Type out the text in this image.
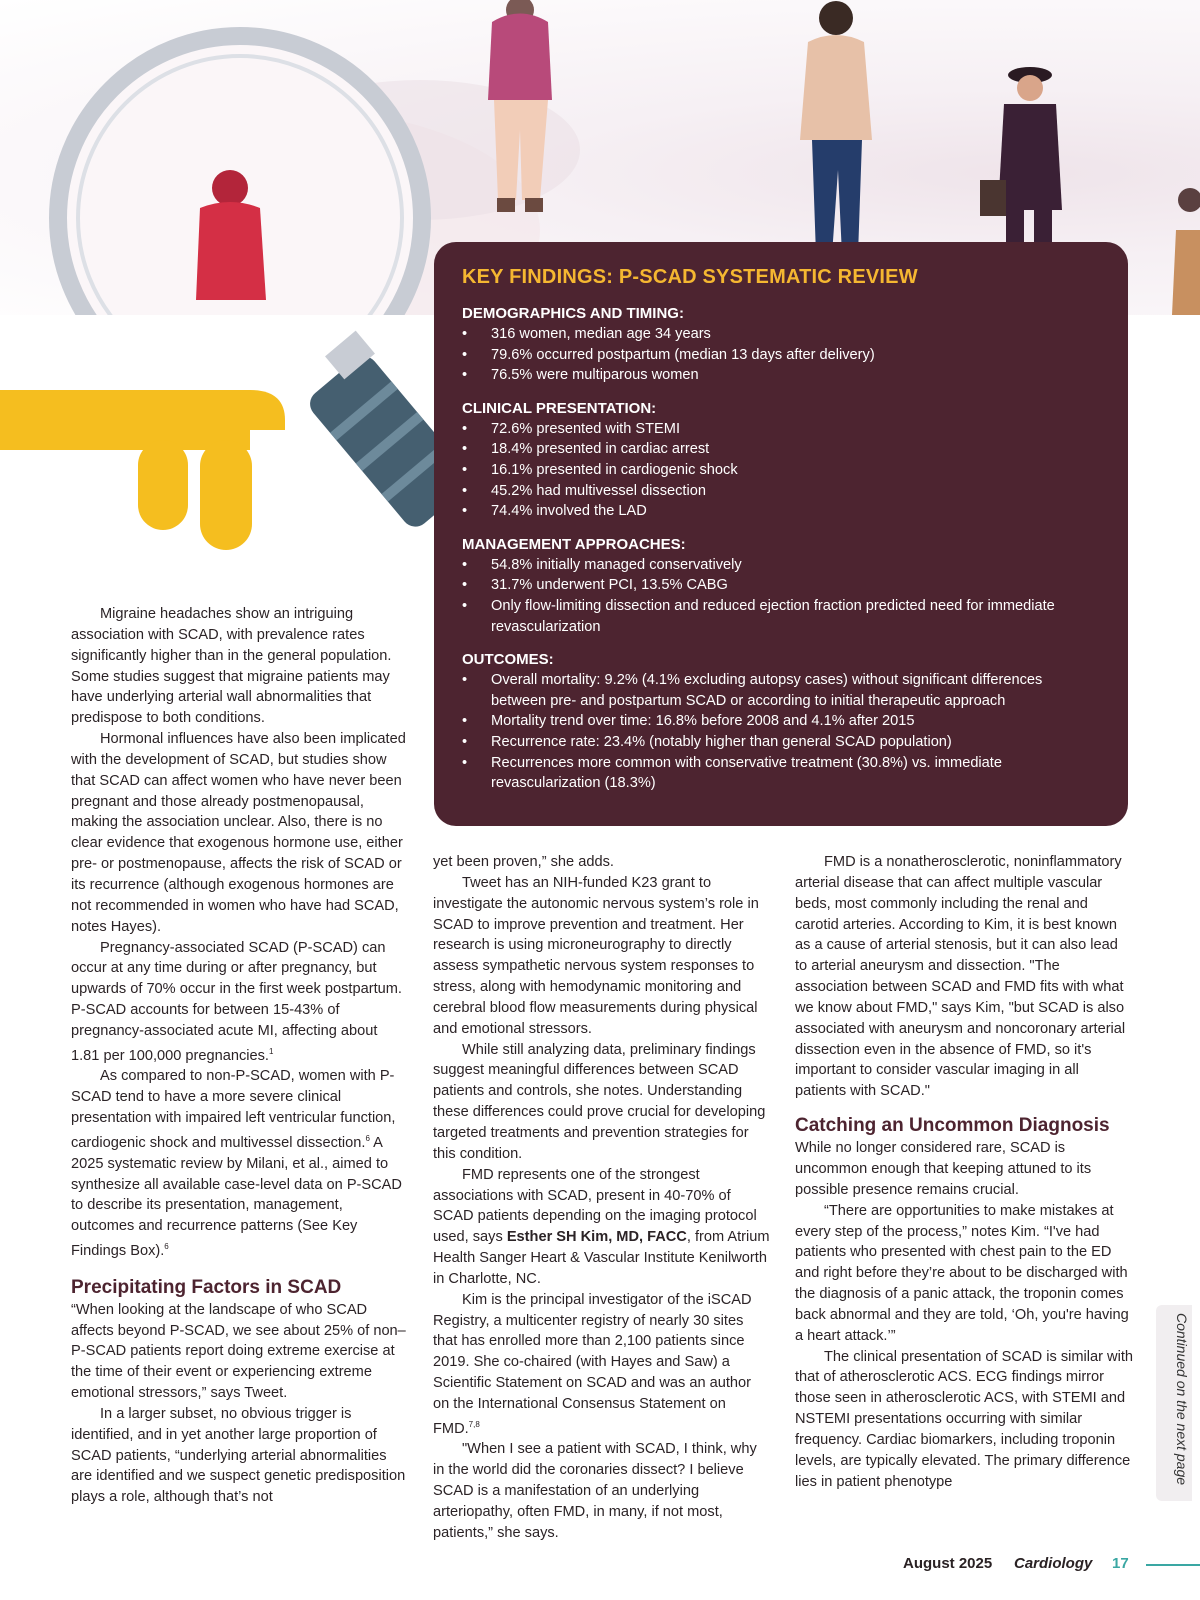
KEY FINDINGS: P-SCAD SYSTEMATIC REVIEW
DEMOGRAPHICS AND TIMING:
• 316 women, median age 34 years
• 79.6% occurred postpartum (median 13 days after delivery)
• 76.5% were multiparous women
CLINICAL PRESENTATION:
• 72.6% presented with STEMI
• 18.4% presented in cardiac arrest
• 16.1% presented in cardiogenic shock
• 45.2% had multivessel dissection
• 74.4% involved the LAD
MANAGEMENT APPROACHES:
• 54.8% initially managed conservatively
• 31.7% underwent PCI, 13.5% CABG
• Only flow-limiting dissection and reduced ejection fraction predicted need for immediate revascularization
OUTCOMES:
• Overall mortality: 9.2% (4.1% excluding autopsy cases) without significant differences between pre- and postpartum SCAD or according to initial therapeutic approach
• Mortality trend over time: 16.8% before 2008 and 4.1% after 2015
• Recurrence rate: 23.4% (notably higher than general SCAD population)
• Recurrences more common with conservative treatment (30.8%) vs. immediate revascularization (18.3%)

Migraine headaches show an intriguing association with SCAD, with prevalence rates significantly higher than in the general population. Some studies suggest that migraine patients may have underlying arterial wall abnormalities that predispose to both conditions.

Hormonal influences have also been implicated with the development of SCAD, but studies show that SCAD can affect women who have never been pregnant and those already postmenopausal, making the association unclear. Also, there is no clear evidence that exogenous hormone use, either pre- or postmenopause, affects the risk of SCAD or its recurrence (although exogenous hormones are not recommended in women who have had SCAD, notes Hayes).

Pregnancy-associated SCAD (P-SCAD) can occur at any time during or after pregnancy, but upwards of 70% occur in the first week postpartum. P-SCAD accounts for between 15-43% of pregnancy-associated acute MI, affecting about 1.81 per 100,000 pregnancies.$^1$

As compared to non-P-SCAD, women with P-SCAD tend to have a more severe clinical presentation with impaired left ventricular function, cardiogenic shock and multivessel dissection.$^6$ A 2025 systematic review by Milani, et al., aimed to synthesize all available case-level data on P-SCAD to describe its presentation, management, outcomes and recurrence patterns (See Key Findings Box).$^6$

Precipitating Factors in SCAD

“When looking at the landscape of who SCAD affects beyond P-SCAD, we see about 25% of non–P-SCAD patients report doing extreme exercise at the time of their event or experiencing extreme emotional stressors,” says Tweet.

In a larger subset, no obvious trigger is identified, and in yet another large proportion of SCAD patients, “underlying arterial abnormalities are identified and we suspect genetic predisposition plays a role, although that’s not

yet been proven,” she adds.

Tweet has an NIH-funded K23 grant to investigate the autonomic nervous system’s role in SCAD to improve prevention and treatment. Her research is using microneurography to directly assess sympathetic nervous system responses to stress, along with hemodynamic monitoring and cerebral blood flow measurements during physical and emotional stressors.

While still analyzing data, preliminary findings suggest meaningful differences between SCAD patients and controls, she notes. Understanding these differences could prove crucial for developing targeted treatments and prevention strategies for this condition.

FMD represents one of the strongest associations with SCAD, present in 40-70% of SCAD patients depending on the imaging protocol used, says Esther SH Kim, MD, FACC, from Atrium Health Sanger Heart & Vascular Institute Kenilworth in Charlotte, NC.

Kim is the principal investigator of the iSCAD Registry, a multicenter registry of nearly 30 sites that has enrolled more than 2,100 patients since 2019. She co-chaired (with Hayes and Saw) a Scientific Statement on SCAD and was an author on the International Consensus Statement on FMD.$^{7,8}$

"When I see a patient with SCAD, I think, why in the world did the coronaries dissect? I believe SCAD is a manifestation of an underlying arteriopathy, often FMD, in many, if not most, patients,” she says.

FMD is a nonatherosclerotic, noninflammatory arterial disease that can affect multiple vascular beds, most commonly including the renal and carotid arteries. According to Kim, it is best known as a cause of arterial stenosis, but it can also lead to arterial aneurysm and dissection. "The association between SCAD and FMD fits with what we know about FMD," says Kim, "but SCAD is also associated with aneurysm and noncoronary arterial dissection even in the absence of FMD, so it's important to consider vascular imaging in all patients with SCAD."

Catching an Uncommon Diagnosis

While no longer considered rare, SCAD is uncommon enough that keeping attuned to its possible presence remains crucial.

“There are opportunities to make mistakes at every step of the process,” notes Kim. “I've had patients who presented with chest pain to the ED and right before they’re about to be discharged with the diagnosis of a panic attack, the troponin comes back abnormal and they are told, ‘Oh, you're having a heart attack.’”

The clinical presentation of SCAD is similar with that of atherosclerotic ACS. ECG findings mirror those seen in atherosclerotic ACS, with STEMI and NSTEMI presentations occurring with similar frequency. Cardiac biomarkers, including troponin levels, are typically elevated. The primary difference lies in patient phenotype	Continued on the next page
August 2025	Cardiology	17
